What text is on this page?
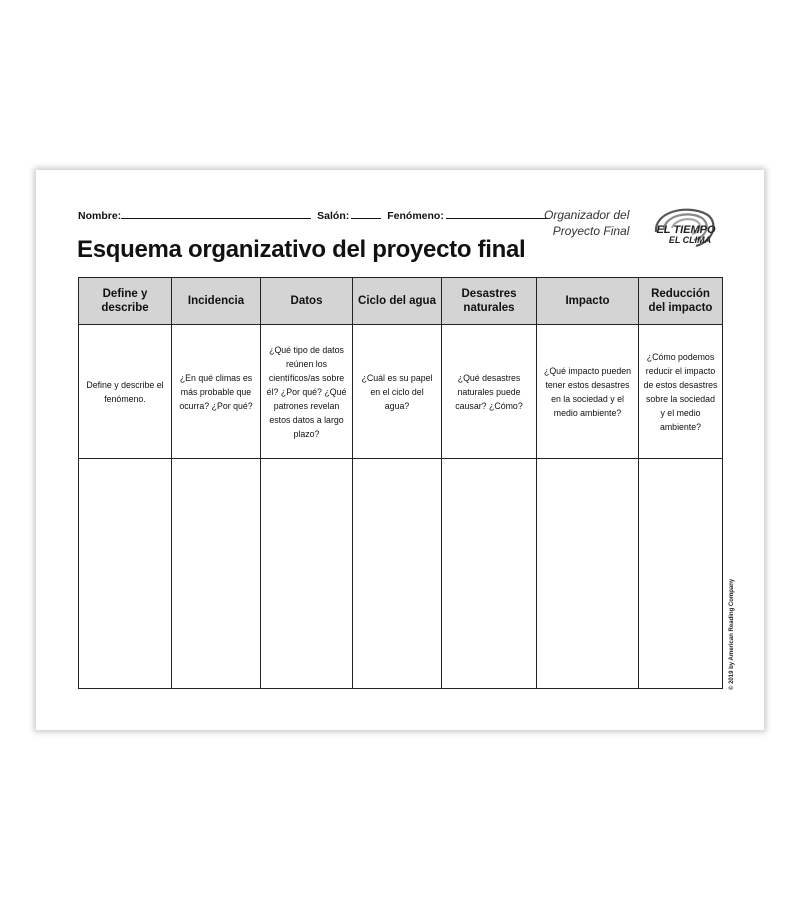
Nombre:	Salón:	Fenómeno:	Organizador del
Proyecto Final EL TIEMPO
EL CLIMA
Esquema organizativo del proyecto final
Define y describe	Incidencia	Datos	Ciclo del agua	Desastres naturales	Impacto	Reducción del impacto
Define y describe el fenómeno.	¿En qué climas es más probable que ocurra? ¿Por qué?	¿Qué tipo de datos reúnen los científicos/as sobre él? ¿Por qué? ¿Qué patrones revelan estos datos a largo plazo?	¿Cuál es su papel en el ciclo del agua?	¿Qué desastres naturales puede causar? ¿Cómo?	¿Qué impacto pueden tener estos desastres en la sociedad y el medio ambiente?	¿Cómo podemos reducir el impacto de estos desastres sobre la sociedad y el medio ambiente?

© 2019 by American Reading Company
